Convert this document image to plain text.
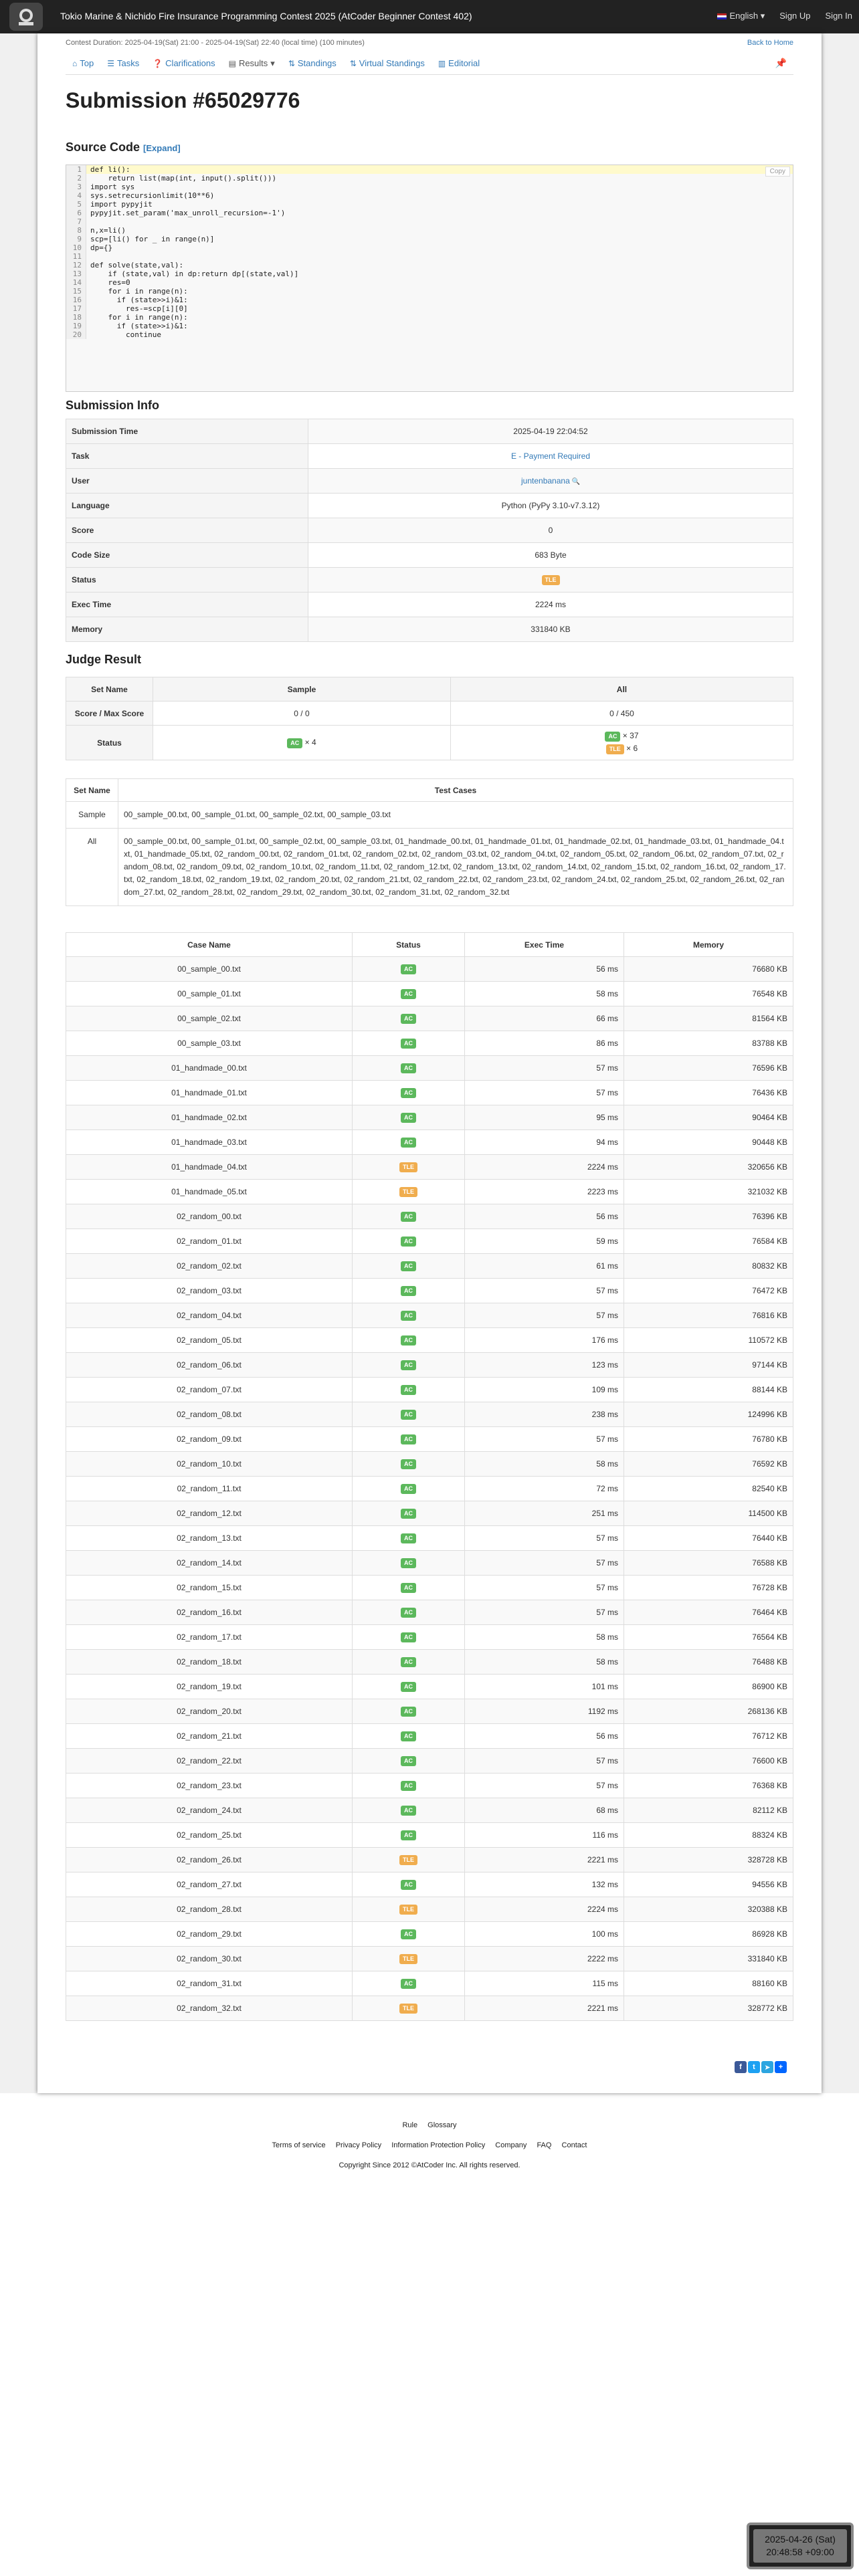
Tokio Marine & Nichido Fire Insurance Programming Contest 2025 (AtCoder Beginner Contest 402)	English ▾ Sign Up Sign In
Contest Duration: 2025-04-19(Sat) 21:00 - 2025-04-19(Sat) 22:40 (local time) (100 minutes)	Back to Home
⌂ Top ☰ Tasks ❓ Clarifications ▤ Results ▾	⇅ Standings ⇅ Virtual Standings ▥ Editorial	📌
Submission #65029776
Source Code [Expand]
1	def li():
2	return list(map(int, input().split()))
3	import sys
4	sys.setrecursionlimit(10**6)
5	import pypyjit
6	pypyjit.set_param('max_unroll_recursion=-1')
7
8	n,x=li()
9	scp=[li() for _ in range(n)]
10	dp={}
11
12	def solve(state,val):
13	if (state,val) in dp:return dp[(state,val)]
14	res=0
15	for i in range(n):
16	if (state>>i)&1:
17	res-=scp[i][0]
18	for i in range(n):
19	if (state>>i)&1:
20	continue
Copy
Submission Info
Submission Time	2025-04-19 22:04:52
Task	E - Payment Required
User	juntenbanana 🔍
Language	Python (PyPy 3.10-v7.3.12)
Score	0
Code Size	683 Byte
Status	TLE
Exec Time	2224 ms
Memory	331840 KB
Judge Result
Set Name	Sample	All
Score / Max Score	0 / 0	0 / 450
Status	AC × 4	AC × 37
TLE × 6
Set Name	Test Cases
Sample	00_sample_00.txt, 00_sample_01.txt, 00_sample_02.txt, 00_sample_03.txt
All	00_sample_00.txt, 00_sample_01.txt, 00_sample_02.txt, 00_sample_03.txt, 01_handmade_00.txt, 01_handmade_01.txt, 01_handmade_02.txt, 01_handmade_03.txt, 01_handmade_04.txt, 01_handmade_05.txt, 02_random_00.txt, 02_random_01.txt, 02_random_02.txt, 02_random_03.txt, 02_random_04.txt, 02_random_05.txt, 02_random_06.txt, 02_random_07.txt, 02_random_08.txt, 02_random_09.txt, 02_random_10.txt, 02_random_11.txt, 02_random_12.txt, 02_random_13.txt, 02_random_14.txt, 02_random_15.txt, 02_random_16.txt, 02_random_17.txt, 02_random_18.txt, 02_random_19.txt, 02_random_20.txt, 02_random_21.txt, 02_random_22.txt, 02_random_23.txt, 02_random_24.txt, 02_random_25.txt, 02_random_26.txt, 02_random_27.txt, 02_random_28.txt, 02_random_29.txt, 02_random_30.txt, 02_random_31.txt, 02_random_32.txt
Case Name	Status	Exec Time	Memory
00_sample_00.txt	AC	56 ms	76680 KB
00_sample_01.txt	AC	58 ms	76548 KB
00_sample_02.txt	AC	66 ms	81564 KB
00_sample_03.txt	AC	86 ms	83788 KB
01_handmade_00.txt	AC	57 ms	76596 KB
01_handmade_01.txt	AC	57 ms	76436 KB
01_handmade_02.txt	AC	95 ms	90464 KB
01_handmade_03.txt	AC	94 ms	90448 KB
01_handmade_04.txt	TLE	2224 ms	320656 KB
01_handmade_05.txt	TLE	2223 ms	321032 KB
02_random_00.txt	AC	56 ms	76396 KB
02_random_01.txt	AC	59 ms	76584 KB
02_random_02.txt	AC	61 ms	80832 KB
02_random_03.txt	AC	57 ms	76472 KB
02_random_04.txt	AC	57 ms	76816 KB
02_random_05.txt	AC	176 ms	110572 KB
02_random_06.txt	AC	123 ms	97144 KB
02_random_07.txt	AC	109 ms	88144 KB
02_random_08.txt	AC	238 ms	124996 KB
02_random_09.txt	AC	57 ms	76780 KB
02_random_10.txt	AC	58 ms	76592 KB
02_random_11.txt	AC	72 ms	82540 KB
02_random_12.txt	AC	251 ms	114500 KB
02_random_13.txt	AC	57 ms	76440 KB
02_random_14.txt	AC	57 ms	76588 KB
02_random_15.txt	AC	57 ms	76728 KB
02_random_16.txt	AC	57 ms	76464 KB
02_random_17.txt	AC	58 ms	76564 KB
02_random_18.txt	AC	58 ms	76488 KB
02_random_19.txt	AC	101 ms	86900 KB
02_random_20.txt	AC	1192 ms	268136 KB
02_random_21.txt	AC	56 ms	76712 KB
02_random_22.txt	AC	57 ms	76600 KB
02_random_23.txt	AC	57 ms	76368 KB
02_random_24.txt	AC	68 ms	82112 KB
02_random_25.txt	AC	116 ms	88324 KB
02_random_26.txt	TLE	2221 ms	328728 KB
02_random_27.txt	AC	132 ms	94556 KB
02_random_28.txt	TLE	2224 ms	320388 KB
02_random_29.txt	AC	100 ms	86928 KB
02_random_30.txt	TLE	2222 ms	331840 KB
02_random_31.txt	AC	115 ms	88160 KB
02_random_32.txt	TLE	2221 ms	328772 KB
f	t	➤	+
Rule Glossary
Terms of service Privacy Policy Information Protection Policy Company FAQ Contact
Copyright Since 2012 ©AtCoder Inc. All rights reserved.
2025-04-26 (Sat)
20:48:58 +09:00
